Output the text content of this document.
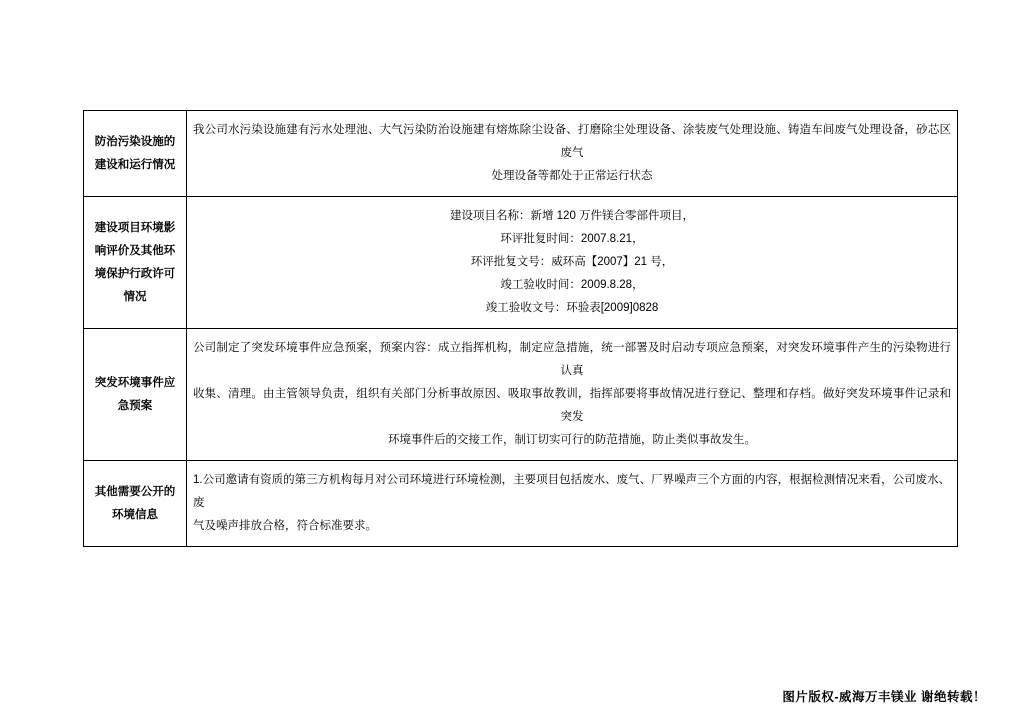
防治污染设施的
建设和运行情况	我公司水污染设施建有污水处理池、大气污染防治设施建有熔炼除尘设备、打磨除尘处理设备、涂装废气处理设施、铸造车间废气处理设备，砂芯区废气
处理设备等都处于正常运行状态

建设项目环境影
响评价及其他环
境保护行政许可
情况	建设项目名称：新增 120 万件镁合零部件项目，
环评批复时间：2007.8.21，
环评批复文号：威环高【2007】21 号，
竣工验收时间：2009.8.28，
竣工验收文号：环验表[2009]0828

突发环境事件应
急预案	公司制定了突发环境事件应急预案，预案内容：成立指挥机构，制定应急措施，统一部署及时启动专项应急预案，对突发环境事件产生的污染物进行认真
收集、清理。由主管领导负责，组织有关部门分析事故原因、吸取事故教训，指挥部要将事故情况进行登记、整理和存档。做好突发环境事件记录和突发
环境事件后的交接工作，制订切实可行的防范措施，防止类似事故发生。

其他需要公开的
环境信息	1.公司邀请有资质的第三方机构每月对公司环境进行环境检测，主要项目包括废水、废气、厂界噪声三个方面的内容，根据检测情况来看，公司废水、废
气及噪声排放合格，符合标准要求。
图片版权-威海万丰镁业 谢绝转载！
